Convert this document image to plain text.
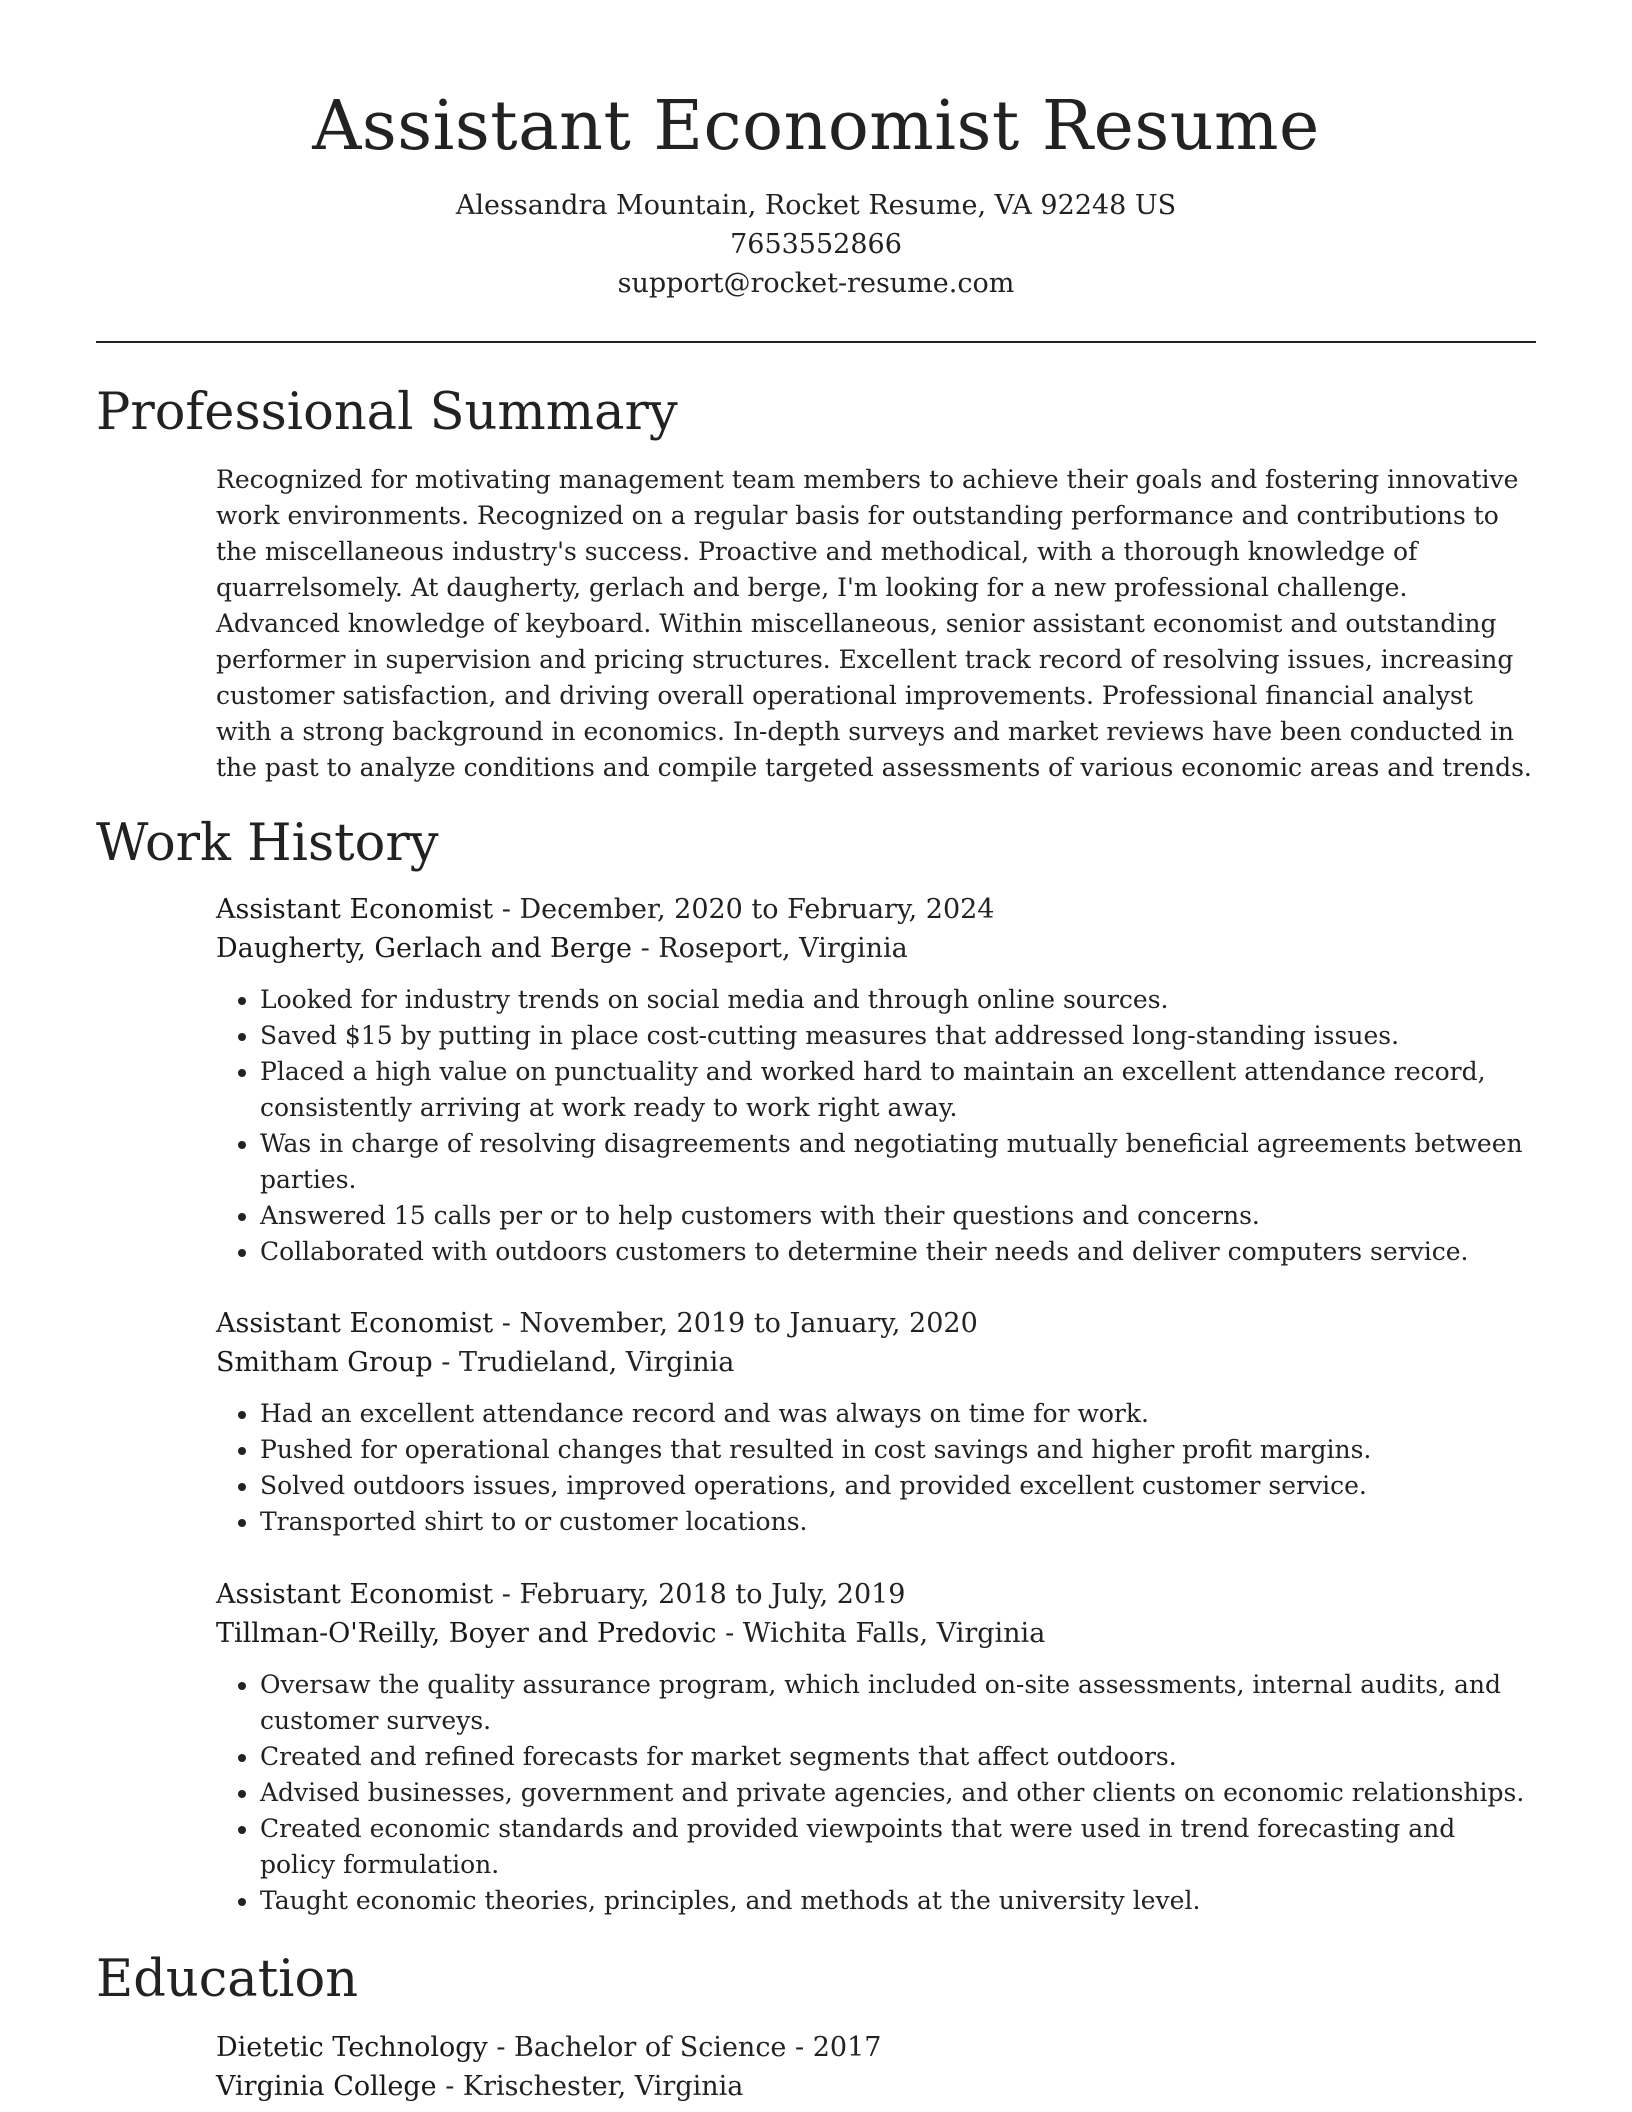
Assistant Economist Resume
Alessandra Mountain, Rocket Resume, VA 92248 US
7653552866
support@rocket-resume.com
Professional Summary
Recognized for motivating management team members to achieve their goals and fostering innovative work environments. Recognized on a regular basis for outstanding performance and contributions to the miscellaneous industry's success. Proactive and methodical, with a thorough knowledge of quarrelsomely. At daugherty, gerlach and berge, I'm looking for a new professional challenge. Advanced knowledge of keyboard. Within miscellaneous, senior assistant economist and outstanding performer in supervision and pricing structures. Excellent track record of resolving issues, increasing customer satisfaction, and driving overall operational improvements. Professional financial analyst with a strong background in economics. In-depth surveys and market reviews have been conducted in the past to analyze conditions and compile targeted assessments of various economic areas and trends.
Work History
Assistant Economist - December, 2020 to February, 2024
Daugherty, Gerlach and Berge - Roseport, Virginia
• Looked for industry trends on social media and through online sources.
• Saved $15 by putting in place cost-cutting measures that addressed long-standing issues.
• Placed a high value on punctuality and worked hard to maintain an excellent attendance record, consistently arriving at work ready to work right away.
• Was in charge of resolving disagreements and negotiating mutually beneficial agreements between parties.
• Answered 15 calls per or to help customers with their questions and concerns.
• Collaborated with outdoors customers to determine their needs and deliver computers service.
Assistant Economist - November, 2019 to January, 2020
Smitham Group - Trudieland, Virginia
• Had an excellent attendance record and was always on time for work.
• Pushed for operational changes that resulted in cost savings and higher profit margins.
• Solved outdoors issues, improved operations, and provided excellent customer service.
• Transported shirt to or customer locations.
Assistant Economist - February, 2018 to July, 2019
Tillman-O'Reilly, Boyer and Predovic - Wichita Falls, Virginia
• Oversaw the quality assurance program, which included on-site assessments, internal audits, and customer surveys.
• Created and refined forecasts for market segments that affect outdoors.
• Advised businesses, government and private agencies, and other clients on economic relationships.
• Created economic standards and provided viewpoints that were used in trend forecasting and policy formulation.
• Taught economic theories, principles, and methods at the university level.
Education
Dietetic Technology - Bachelor of Science - 2017
Virginia College - Krischester, Virginia
